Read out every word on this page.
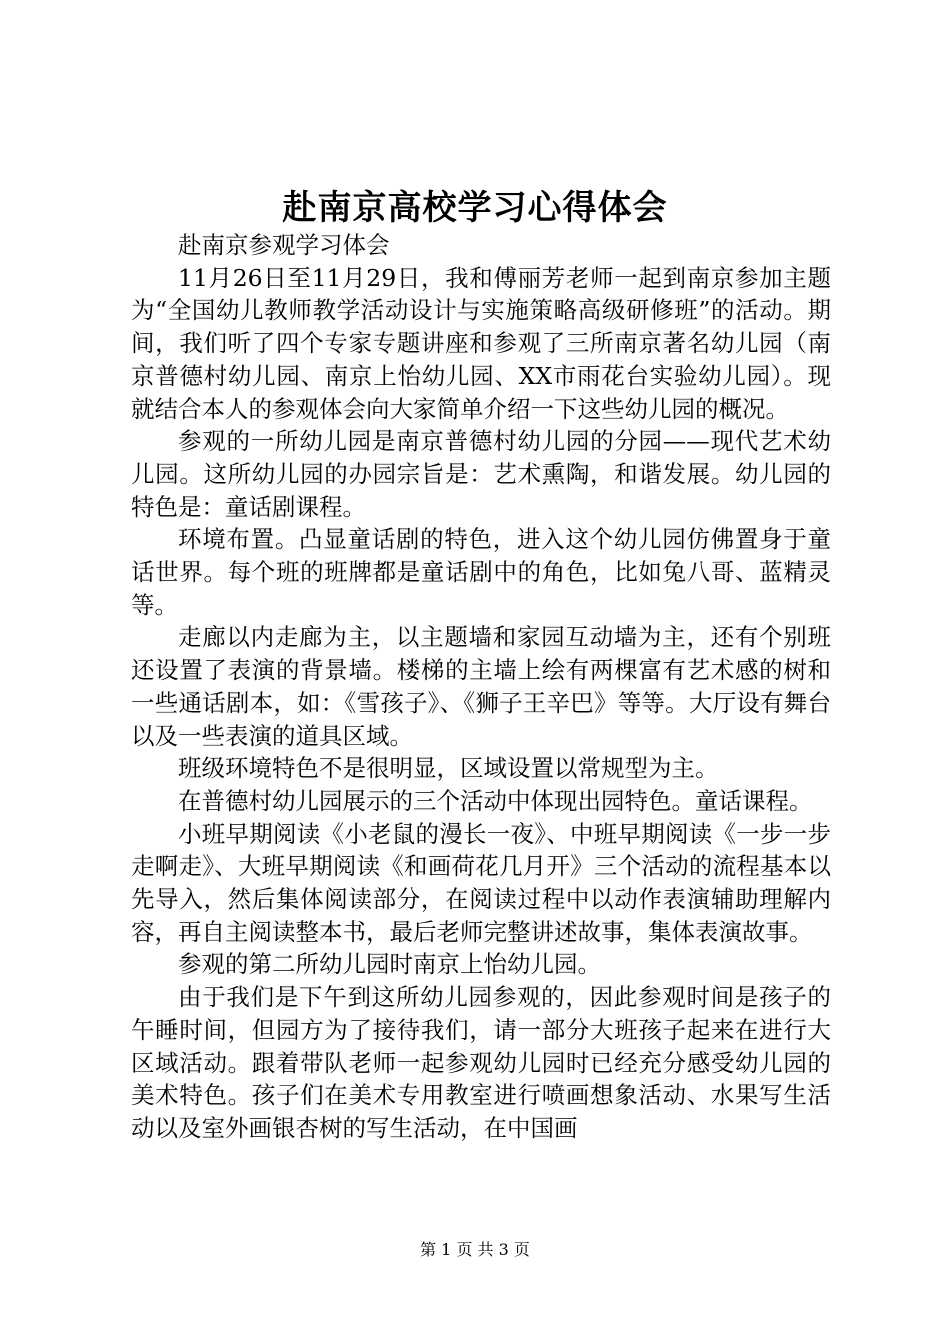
赴南京高校学习心得体会

赴南京参观学习体会

11月26日至11月29日，我和傅丽芳老师一起到南京参加主题为“全国幼儿教师教学活动设计与实施策略高级研修班”的活动。期间，我们听了四个专家专题讲座和参观了三所南京著名幼儿园（南京普德村幼儿园、南京上怡幼儿园、XX市雨花台实验幼儿园）。现就结合本人的参观体会向大家简单介绍一下这些幼儿园的概况。

参观的一所幼儿园是南京普德村幼儿园的分园——现代艺术幼儿园。这所幼儿园的办园宗旨是：艺术熏陶，和谐发展。幼儿园的特色是：童话剧课程。

环境布置。凸显童话剧的特色，进入这个幼儿园仿佛置身于童话世界。每个班的班牌都是童话剧中的角色，比如兔八哥、蓝精灵等。

走廊以内走廊为主，以主题墙和家园互动墙为主，还有个别班还设置了表演的背景墙。楼梯的主墙上绘有两棵富有艺术感的树和一些通话剧本，如：《雪孩子》、《狮子王辛巴》等等。大厅设有舞台以及一些表演的道具区域。

班级环境特色不是很明显，区域设置以常规型为主。

在普德村幼儿园展示的三个活动中体现出园特色。童话课程。

小班早期阅读《小老鼠的漫长一夜》、中班早期阅读《一步一步走啊走》、大班早期阅读《和画荷花几月开》三个活动的流程基本以先导入，然后集体阅读部分，在阅读过程中以动作表演辅助理解内容，再自主阅读整本书，最后老师完整讲述故事，集体表演故事。

参观的第二所幼儿园时南京上怡幼儿园。

由于我们是下午到这所幼儿园参观的，因此参观时间是孩子的午睡时间，但园方为了接待我们，请一部分大班孩子起来在进行大区域活动。跟着带队老师一起参观幼儿园时已经充分感受幼儿园的美术特色。孩子们在美术专用教室进行喷画想象活动、水果写生活动以及室外画银杏树的写生活动，在中国画

第 1 页 共 3 页
